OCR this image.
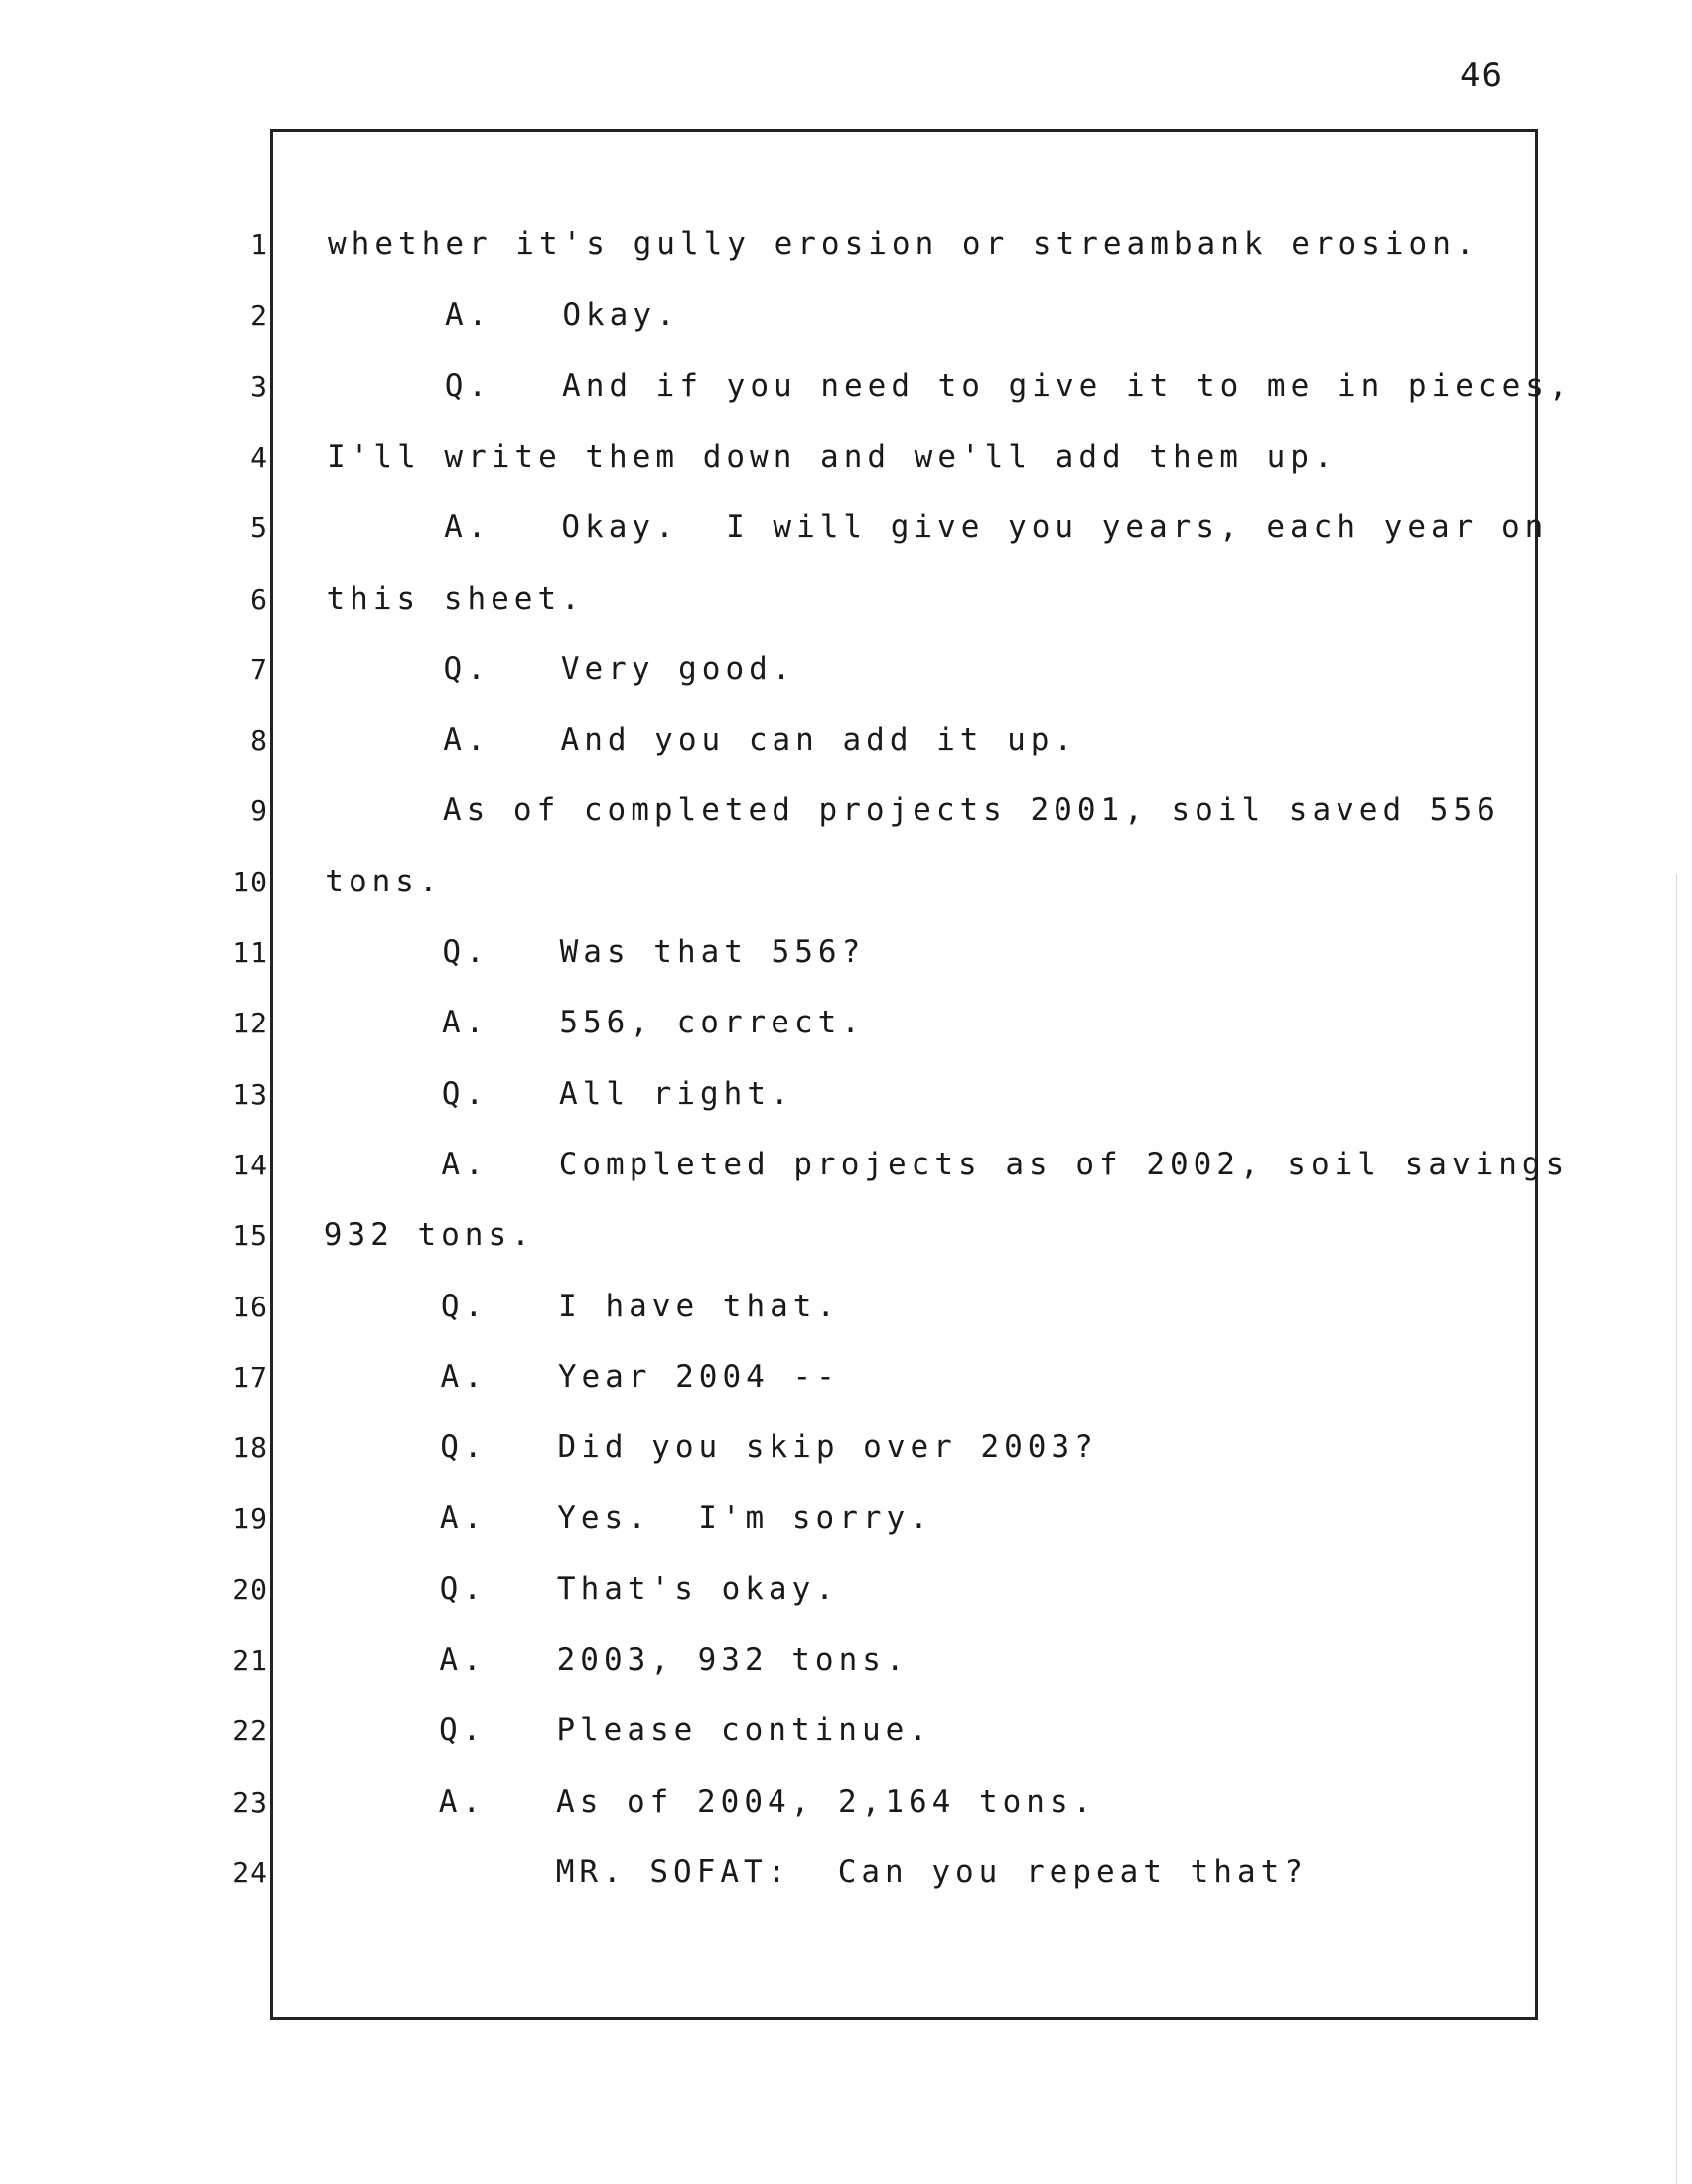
46
1 whether it's gully erosion or streambank erosion.
2 A.   Okay.
3 Q.   And if you need to give it to me in pieces,
4 I'll write them down and we'll add them up.
5 A.   Okay.  I will give you years, each year on
6 this sheet.
7 Q.   Very good.
8 A.   And you can add it up.
9 As of completed projects 2001, soil saved 556
10 tons.
11 Q.   Was that 556?
12 A.   556, correct.
13 Q.   All right.
14 A.   Completed projects as of 2002, soil savings
15 932 tons.
16 Q.   I have that.
17 A.   Year 2004 --
18 Q.   Did you skip over 2003?
19 A.   Yes.  I'm sorry.
20 Q.   That's okay.
21 A.   2003, 932 tons.
22 Q.   Please continue.
23 A.   As of 2004, 2,164 tons.
24 MR. SOFAT:  Can you repeat that?
